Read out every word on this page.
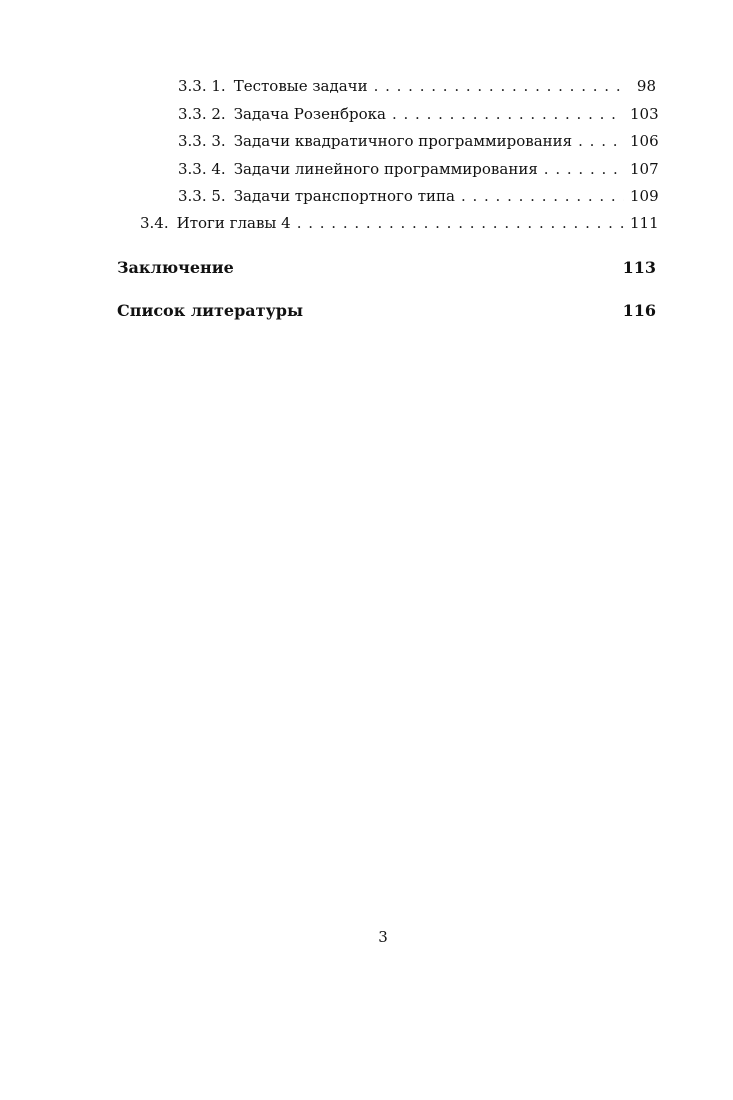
3.3. 1. Тестовые задачи . . .	98
3.3. 2. Задача Розенброка . . .	103
3.3. 3. Задачи квадратичного программирования . . .	106
3.3. 4. Задачи линейного программирования . . .	107
3.3. 5. Задачи транспортного типа . . .	109
3.4. Итоги главы 4 . . .	111
Заключение	113
Список литературы	116
3
